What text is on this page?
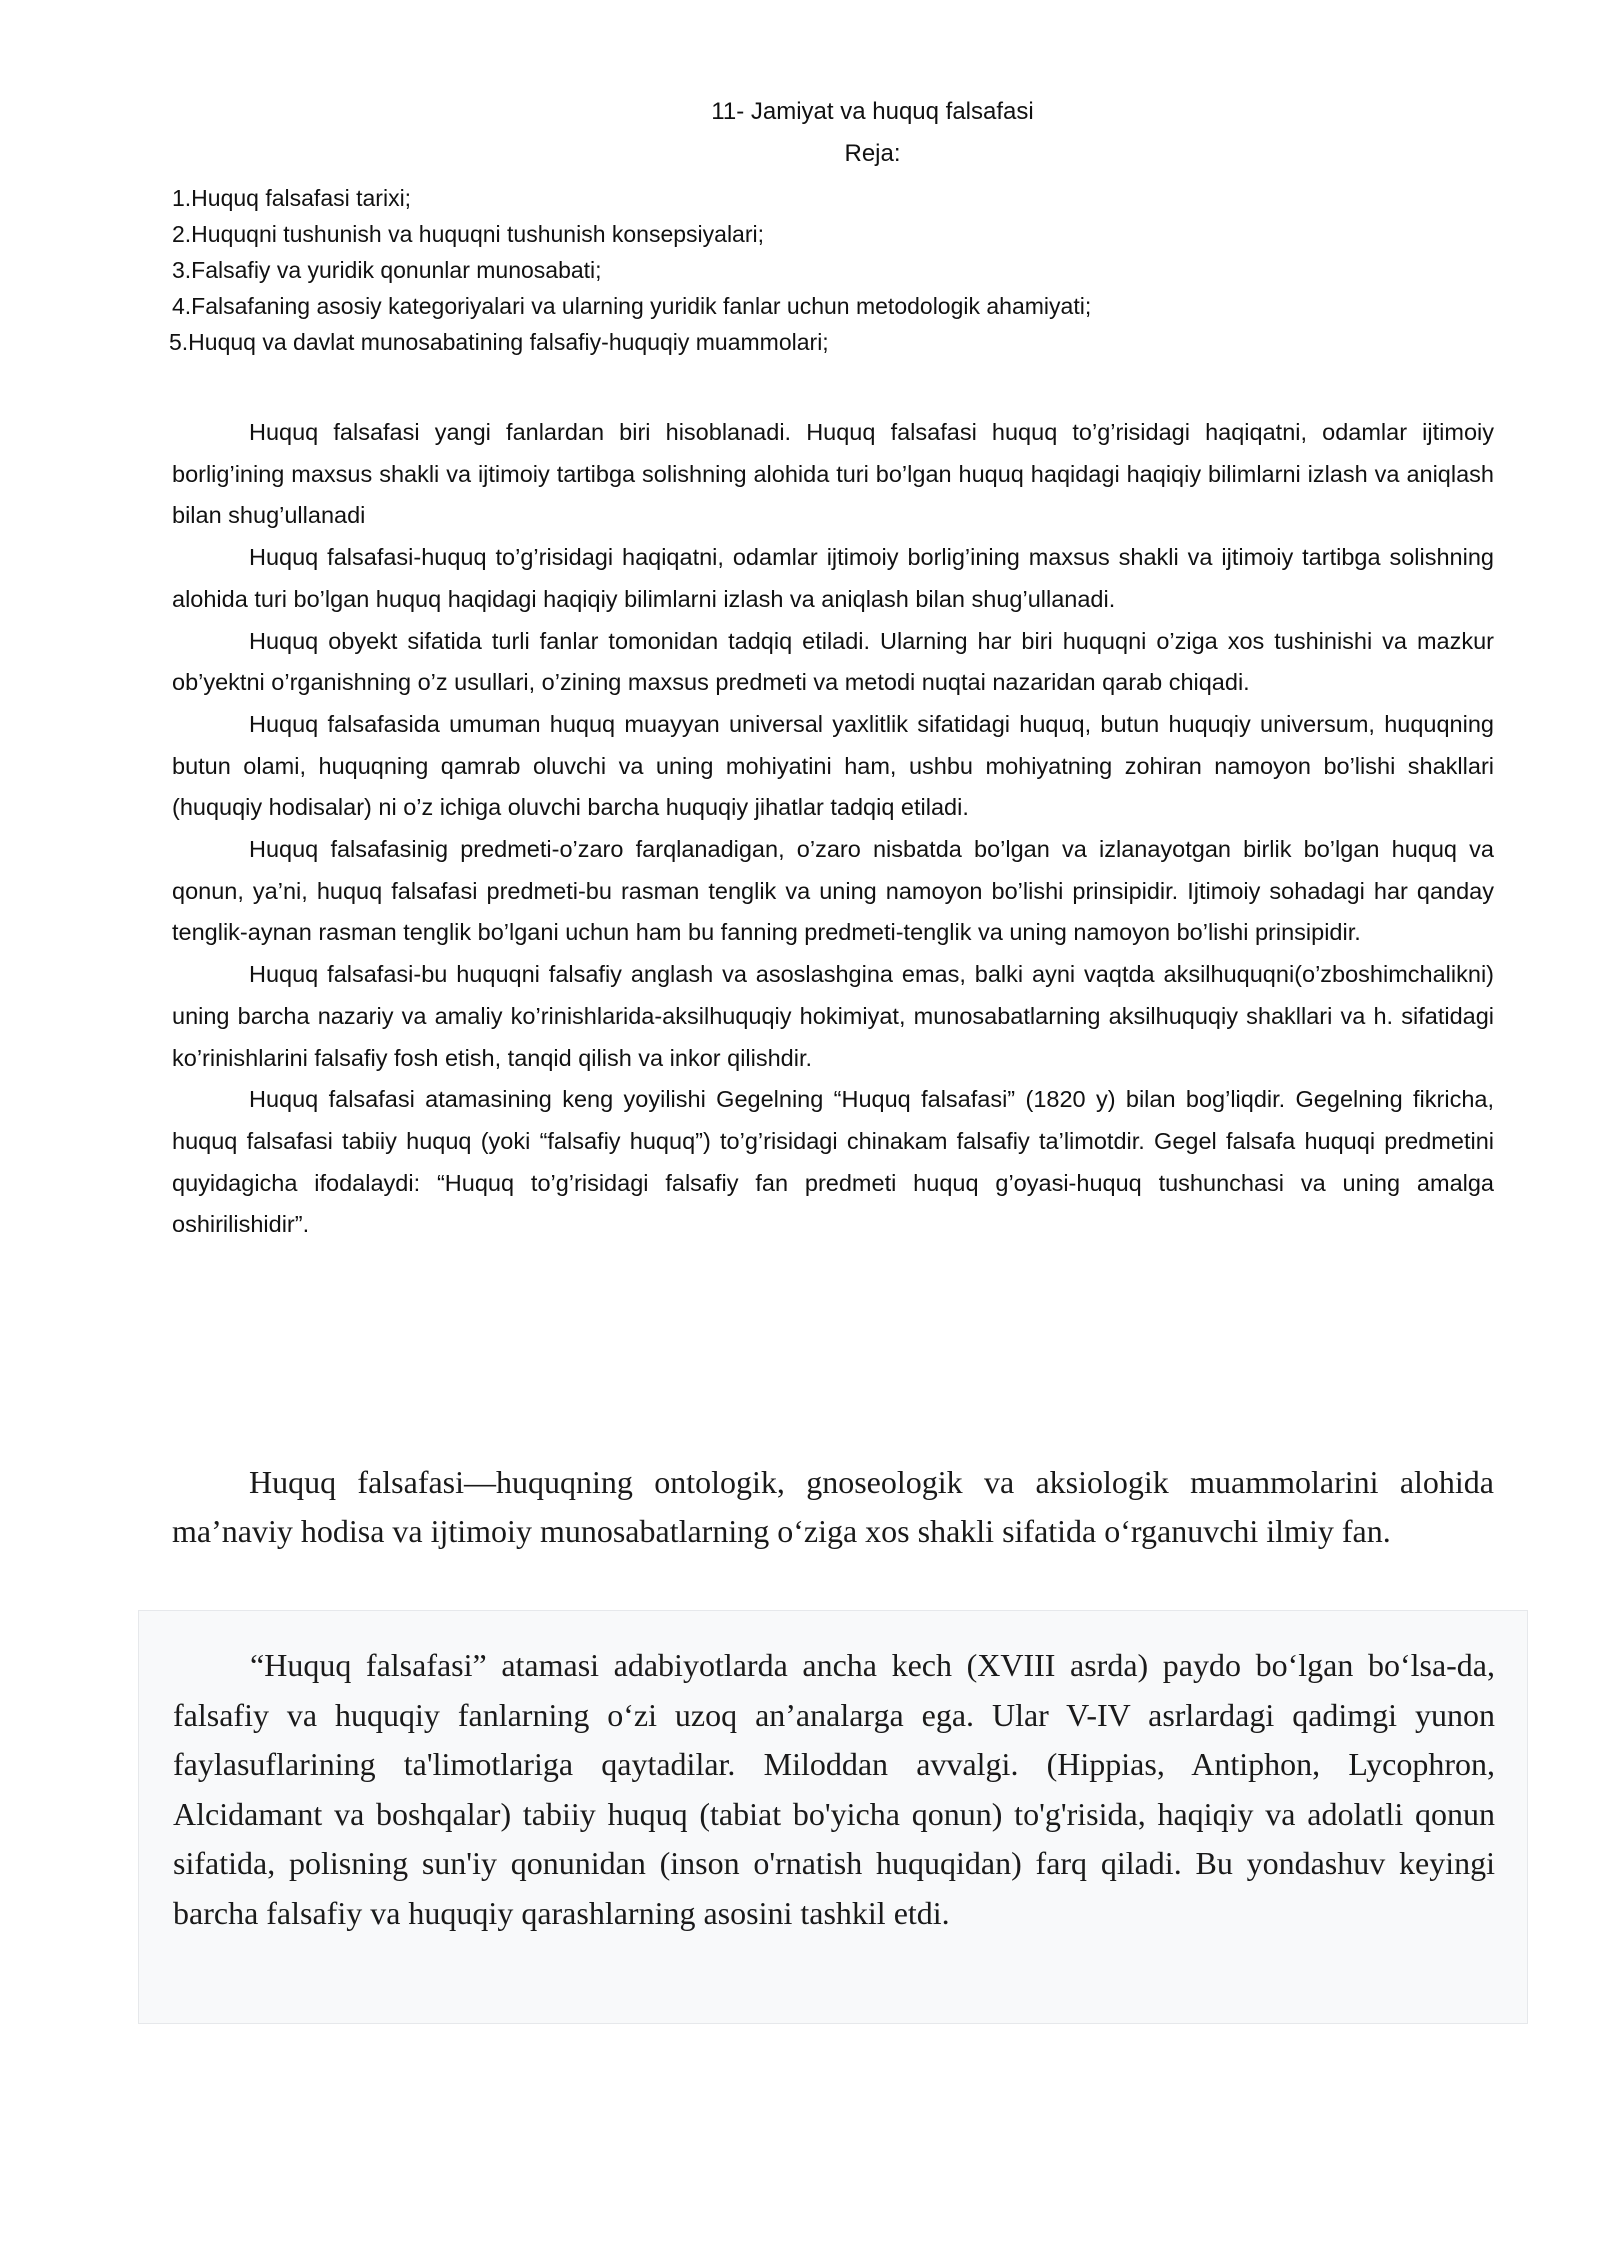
11- Jamiyat va huquq falsafasi
Reja:
1.Huquq falsafasi tarixi;
2.Huquqni tushunish va huquqni tushunish konsepsiyalari;
3.Falsafiy va yuridik qonunlar munosabati;
4.Falsafaning asosiy kategoriyalari va ularning yuridik fanlar uchun metodologik ahamiyati;
5.Huquq va davlat munosabatining falsafiy-huquqiy muammolari;

Huquq falsafasi yangi fanlardan biri hisoblanadi. Huquq falsafasi huquq to’g’risidagi haqiqatni, odamlar ijtimoiy borlig’ining maxsus shakli va ijtimoiy tartibga solishning alohida turi bo’lgan huquq haqidagi haqiqiy bilimlarni izlash va aniqlash bilan shug’ullanadi

Huquq falsafasi-huquq to’g’risidagi haqiqatni, odamlar ijtimoiy borlig’ining maxsus shakli va ijtimoiy tartibga solishning alohida turi bo’lgan huquq haqidagi haqiqiy bilimlarni izlash va aniqlash bilan shug’ullanadi.

Huquq obyekt sifatida turli fanlar tomonidan tadqiq etiladi. Ularning har biri huquqni o’ziga xos tushinishi va mazkur ob’yektni o’rganishning o’z usullari, o’zining maxsus predmeti va metodi nuqtai nazaridan qarab chiqadi.

Huquq falsafasida umuman huquq muayyan universal yaxlitlik sifatidagi huquq, butun huquqiy universum, huquqning butun olami, huquqning qamrab oluvchi va uning mohiyatini ham, ushbu mohiyatning zohiran namoyon bo’lishi shakllari (huquqiy hodisalar) ni o’z ichiga oluvchi barcha huquqiy jihatlar tadqiq etiladi.

Huquq falsafasinig predmeti-o’zaro farqlanadigan, o’zaro nisbatda bo’lgan va izlanayotgan birlik bo’lgan huquq va qonun, ya’ni, huquq falsafasi predmeti-bu rasman tenglik va uning namoyon bo’lishi prinsipidir. Ijtimoiy sohadagi har qanday tenglik-aynan rasman tenglik bo’lgani uchun ham bu fanning predmeti-tenglik va uning namoyon bo’lishi prinsipidir.

Huquq falsafasi-bu huquqni falsafiy anglash va asoslashgina emas, balki ayni vaqtda aksilhuquqni(o’zboshimchalikni) uning barcha nazariy va amaliy ko’rinishlarida-aksilhuquqiy hokimiyat, munosabatlarning aksilhuquqiy shakllari va h. sifatidagi ko’rinishlarini falsafiy fosh etish, tanqid qilish va inkor qilishdir.

Huquq falsafasi atamasining keng yoyilishi Gegelning “Huquq falsafasi” (1820 y) bilan bog’liqdir. Gegelning fikricha, huquq falsafasi tabiiy huquq (yoki “falsafiy huquq”) to’g’risidagi chinakam falsafiy ta’limotdir. Gegel falsafa huquqi predmetini quyidagicha ifodalaydi: “Huquq to’g’risidagi falsafiy fan predmeti huquq g’oyasi-huquq tushunchasi va uning amalga oshirilishidir”.

Huquq falsafasi—huquqning ontologik, gnoseologik va aksiologik muammolarini alohida ma’naviy hodisa va ijtimoiy munosabatlarning oʻziga xos shakli sifatida oʻrganuvchi ilmiy fan.

“Huquq falsafasi” atamasi adabiyotlarda ancha kech (XVIII asrda) paydo boʻlgan boʻlsa-da, falsafiy va huquqiy fanlarning oʻzi uzoq an’analarga ega. Ular V-IV asrlardagi qadimgi yunon faylasuflarining ta'limotlariga qaytadilar. Miloddan avvalgi. (Hippias, Antiphon, Lycophron, Alcidamant va boshqalar) tabiiy huquq (tabiat bo'yicha qonun) to'g'risida, haqiqiy va adolatli qonun sifatida, polisning sun'iy qonunidan (inson o'rnatish huquqidan) farq qiladi. Bu yondashuv keyingi barcha falsafiy va huquqiy qarashlarning asosini tashkil etdi.
